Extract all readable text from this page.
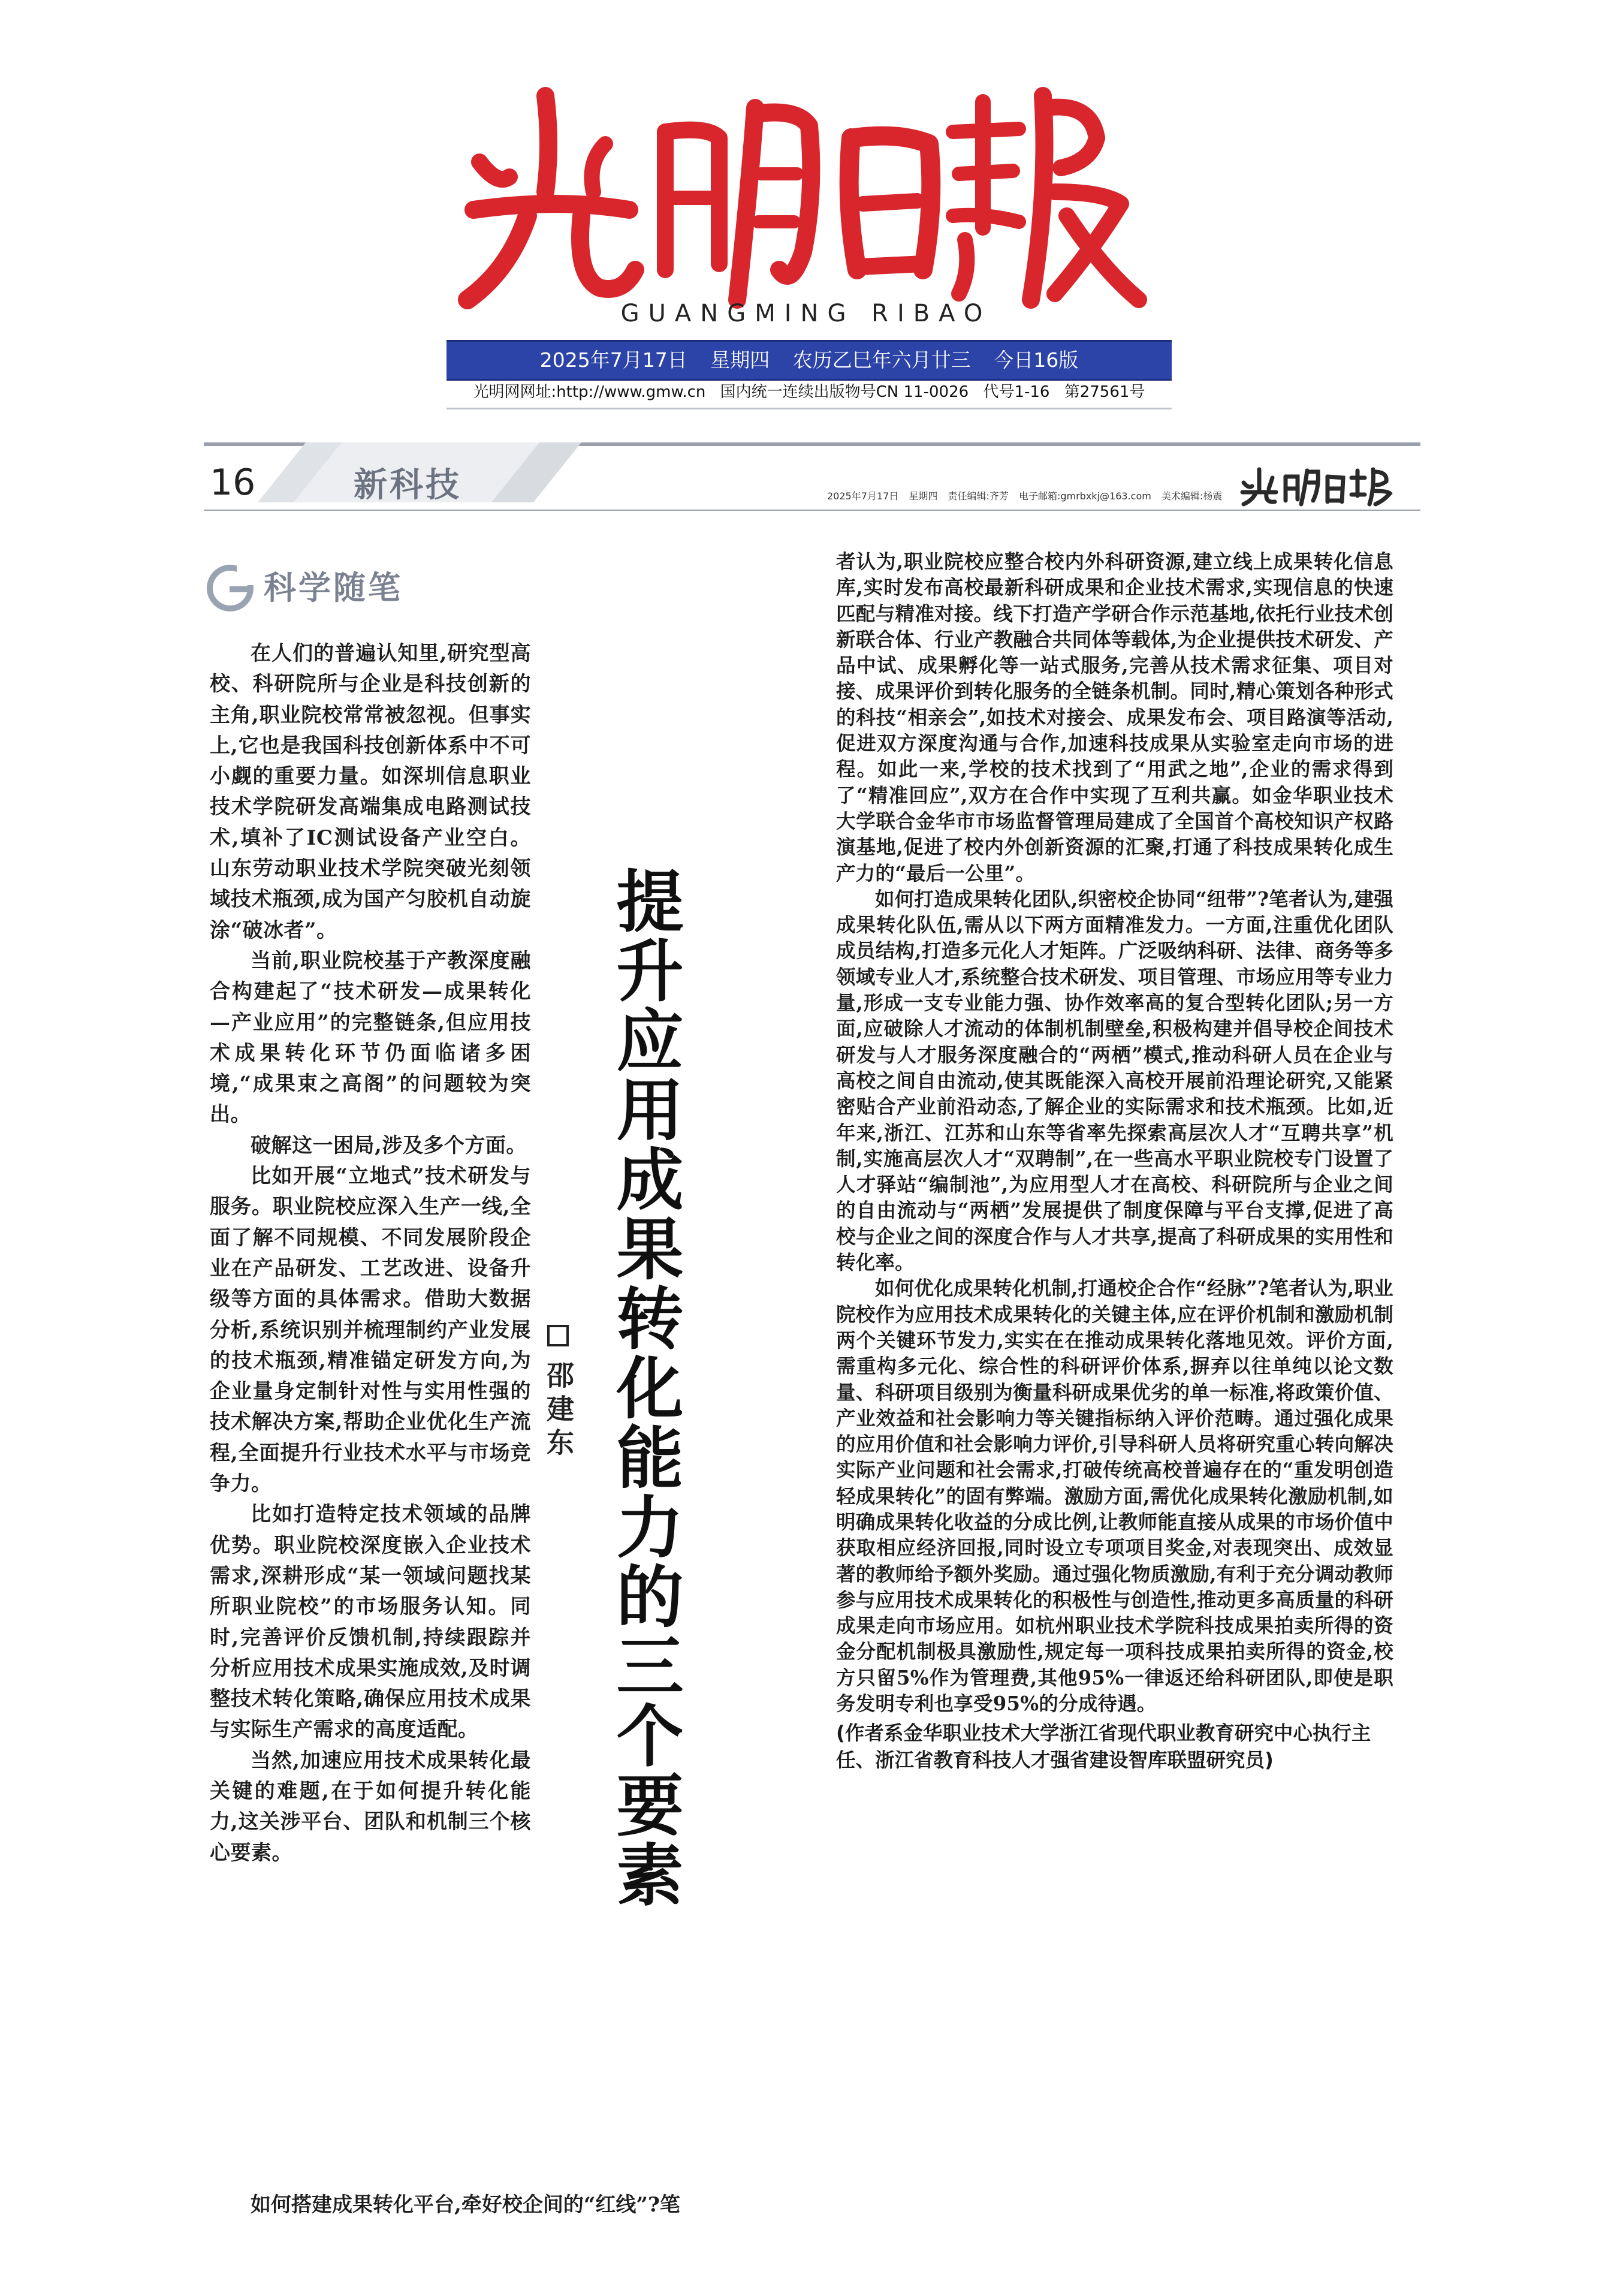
光明日報
GUANGMING RIBAO
2025年7月17日 星期四 农历乙巳年六月廿三 今日16版
光明网网址:http://www.gmw.cn 国内统一连续出版物号CN 11-0026 代号1-16 第27561号
16	新科技	2025年7月17日 星期四 责任编辑:齐芳 电子邮箱:gmrbxkj@163.com 美术编辑:杨震
光明日報
科学随笔

在人们的普遍认知里,研究型高校、科研院所与企业是科技创新的主角,职业院校常常被忽视。但事实上,它也是我国科技创新体系中不可小觑的重要力量。如深圳信息职业技术学院研发高端集成电路测试技术,填补了IC测试设备产业空白。山东劳动职业技术学院突破光刻领域技术瓶颈,成为国产匀胶机自动旋涂“破冰者”。

当前,职业院校基于产教深度融合构建起了“技术研发—成果转化—产业应用”的完整链条,但应用技术成果转化环节仍面临诸多困境,“成果束之高阁”的问题较为突出。

破解这一困局,涉及多个方面。

比如开展“立地式”技术研发与服务。职业院校应深入生产一线,全面了解不同规模、不同发展阶段企业在产品研发、工艺改进、设备升级等方面的具体需求。借助大数据分析,系统识别并梳理制约产业发展的技术瓶颈,精准锚定研发方向,为企业量身定制针对性与实用性强的技术解决方案,帮助企业优化生产流程,全面提升行业技术水平与市场竞争力。

比如打造特定技术领域的品牌优势。职业院校深度嵌入企业技术需求,深耕形成“某一领域问题找某所职业院校”的市场服务认知。同时,完善评价反馈机制,持续跟踪并分析应用技术成果实施成效,及时调整技术转化策略,确保应用技术成果与实际生产需求的高度适配。

当然,加速应用技术成果转化最关键的难题,在于如何提升转化能力,这关涉平台、团队和机制三个核心要素。

如何搭建成果转化平台,牵好校企间的“红线”?笔

提升应用成果转化能力的三个要素
邵建东

者认为,职业院校应整合校内外科研资源,建立线上成果转化信息库,实时发布高校最新科研成果和企业技术需求,实现信息的快速匹配与精准对接。线下打造产学研合作示范基地,依托行业技术创新联合体、行业产教融合共同体等载体,为企业提供技术研发、产品中试、成果孵化等一站式服务,完善从技术需求征集、项目对接、成果评价到转化服务的全链条机制。同时,精心策划各种形式的科技“相亲会”,如技术对接会、成果发布会、项目路演等活动,促进双方深度沟通与合作,加速科技成果从实验室走向市场的进程。如此一来,学校的技术找到了“用武之地”,企业的需求得到了“精准回应”,双方在合作中实现了互利共赢。如金华职业技术大学联合金华市市场监督管理局建成了全国首个高校知识产权路演基地,促进了校内外创新资源的汇聚,打通了科技成果转化成生产力的“最后一公里”。

如何打造成果转化团队,织密校企协同“纽带”?笔者认为,建强成果转化队伍,需从以下两方面精准发力。一方面,注重优化团队成员结构,打造多元化人才矩阵。广泛吸纳科研、法律、商务等多领域专业人才,系统整合技术研发、项目管理、市场应用等专业力量,形成一支专业能力强、协作效率高的复合型转化团队;另一方面,应破除人才流动的体制机制壁垒,积极构建并倡导校企间技术研发与人才服务深度融合的“两栖”模式,推动科研人员在企业与高校之间自由流动,使其既能深入高校开展前沿理论研究,又能紧密贴合产业前沿动态,了解企业的实际需求和技术瓶颈。比如,近年来,浙江、江苏和山东等省率先探索高层次人才“互聘共享”机制,实施高层次人才“双聘制”,在一些高水平职业院校专门设置了人才驿站“编制池”,为应用型人才在高校、科研院所与企业之间的自由流动与“两栖”发展提供了制度保障与平台支撑,促进了高校与企业之间的深度合作与人才共享,提高了科研成果的实用性和转化率。

如何优化成果转化机制,打通校企合作“经脉”?笔者认为,职业院校作为应用技术成果转化的关键主体,应在评价机制和激励机制两个关键环节发力,实实在在推动成果转化落地见效。评价方面,需重构多元化、综合性的科研评价体系,摒弃以往单纯以论文数量、科研项目级别为衡量科研成果优劣的单一标准,将政策价值、产业效益和社会影响力等关键指标纳入评价范畴。通过强化成果的应用价值和社会影响力评价,引导科研人员将研究重心转向解决实际产业问题和社会需求,打破传统高校普遍存在的“重发明创造轻成果转化”的固有弊端。激励方面,需优化成果转化激励机制,如明确成果转化收益的分成比例,让教师能直接从成果的市场价值中获取相应经济回报,同时设立专项项目奖金,对表现突出、成效显著的教师给予额外奖励。通过强化物质激励,有利于充分调动教师参与应用技术成果转化的积极性与创造性,推动更多高质量的科研成果走向市场应用。如杭州职业技术学院科技成果拍卖所得的资金分配机制极具激励性,规定每一项科技成果拍卖所得的资金,校方只留5%作为管理费,其他95%一律返还给科研团队,即使是职务发明专利也享受95%的分成待遇。

(作者系金华职业技术大学浙江省现代职业教育研究中心执行主任、浙江省教育科技人才强省建设智库联盟研究员)
